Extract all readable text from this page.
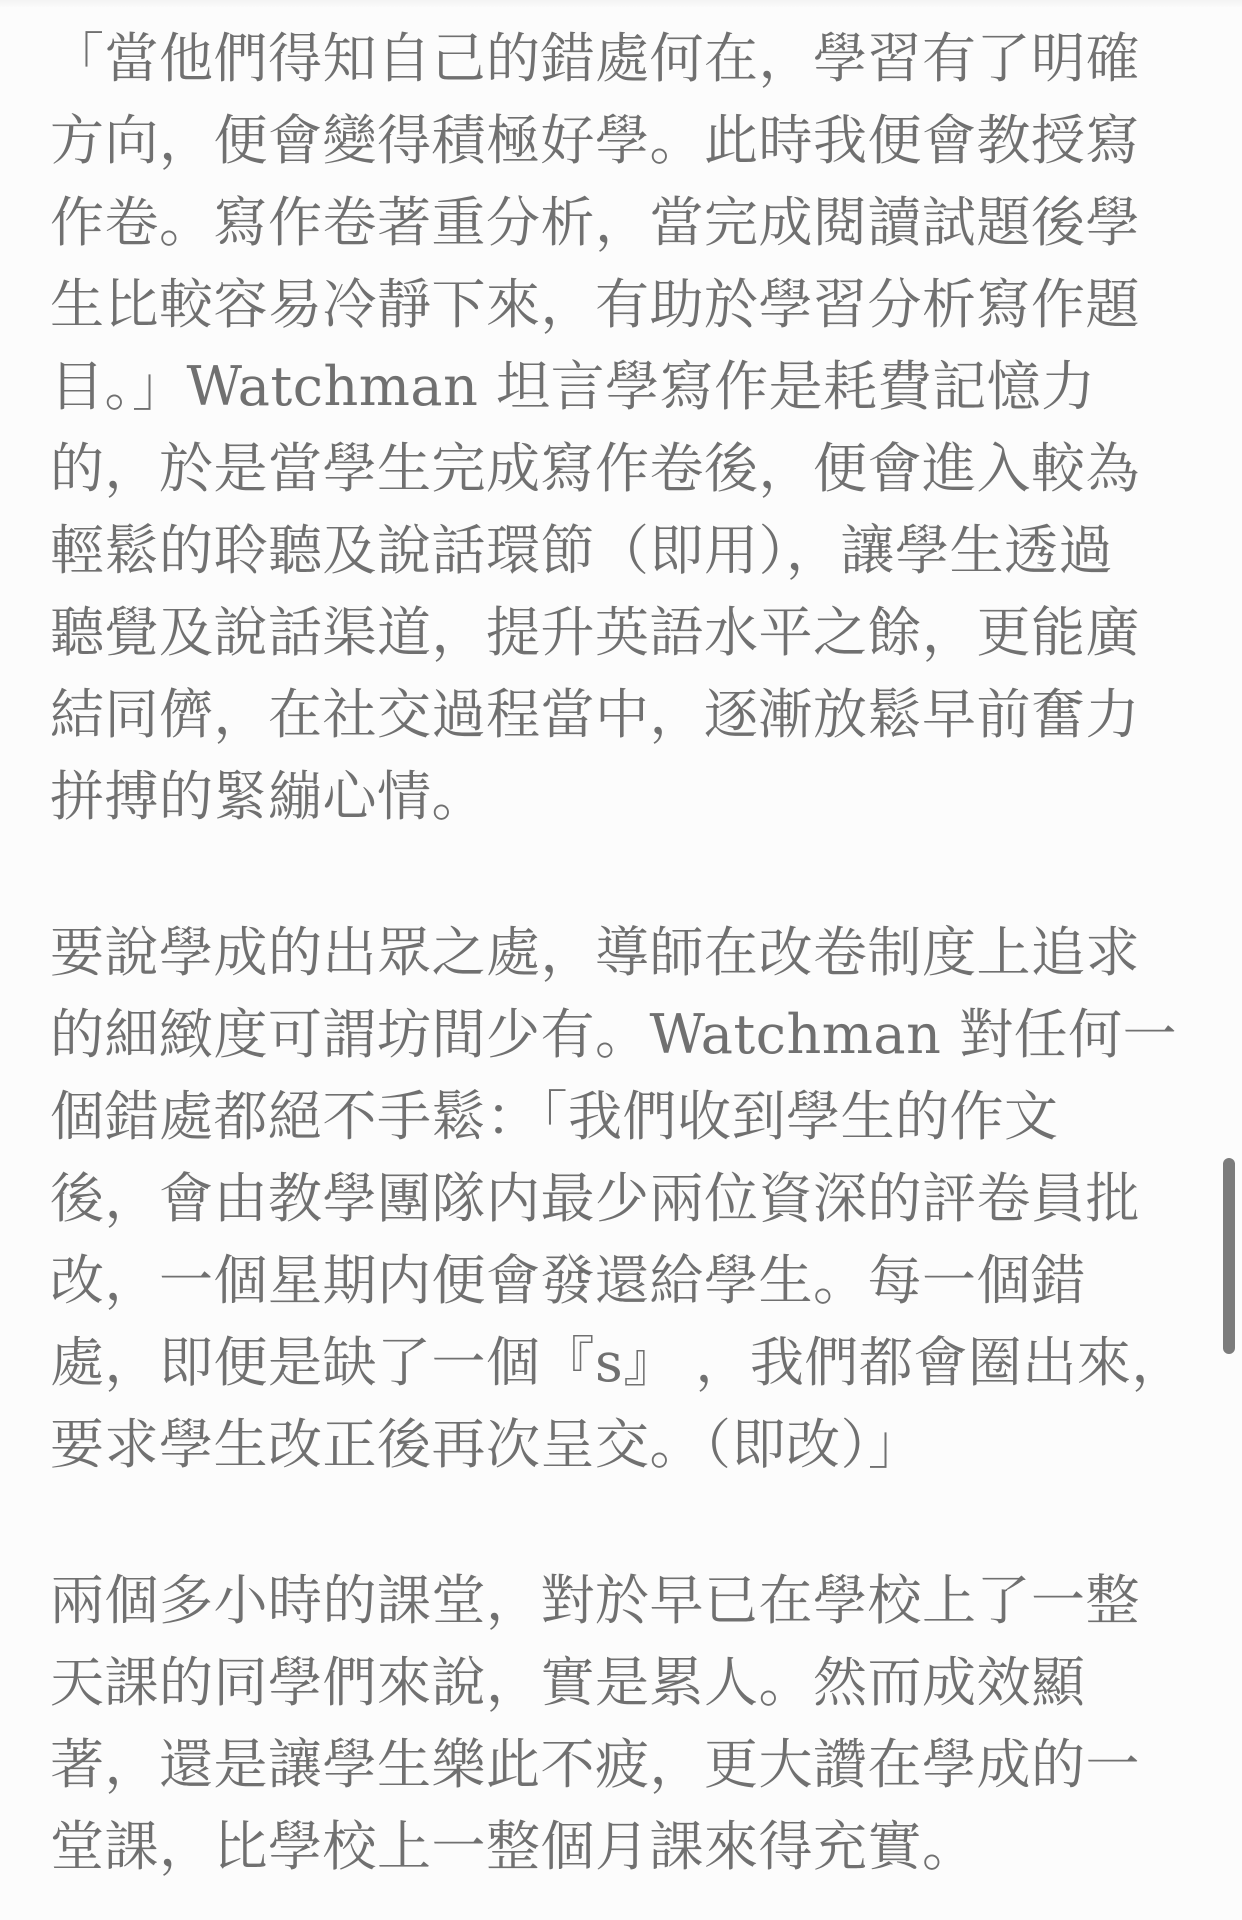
「當他們得知自己的錯處何在，學習有了明確
方向，便會變得積極好學。此時我便會教授寫
作卷。寫作卷著重分析，當完成閱讀試題後學
生比較容易冷靜下來，有助於學習分析寫作題
目。」Watchman 坦言學寫作是耗費記憶力
的，於是當學生完成寫作卷後，便會進入較為
輕鬆的聆聽及說話環節（即用），讓學生透過
聽覺及說話渠道，提升英語水平之餘，更能廣
結同儕，在社交過程當中，逐漸放鬆早前奮力
拼搏的緊繃心情。
要說學成的出眾之處，導師在改卷制度上追求
的細緻度可謂坊間少有。Watchman 對任何一
個錯處都絕不手鬆：「我們收到學生的作文
後，會由教學團隊内最少兩位資深的評卷員批
改，一個星期内便會發還給學生。每一個錯
處，即便是缺了一個『s』 ，我們都會圈出來，
要求學生改正後再次呈交。（即改）」
兩個多小時的課堂，對於早已在學校上了一整
天課的同學們來說，實是累人。然而成效顯
著，還是讓學生樂此不疲，更大讚在學成的一
堂課，比學校上一整個月課來得充實。
